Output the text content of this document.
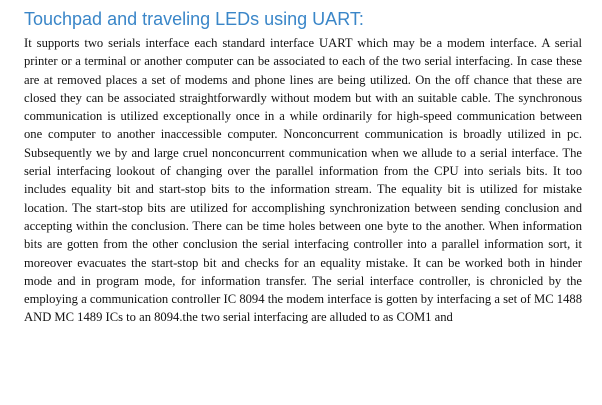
Touchpad and traveling LEDs using UART:

It supports two serials interface each standard interface UART which may be a modem interface. A serial printer or a terminal or another computer can be associated to each of the two serial interfacing. In case these are at removed places a set of modems and phone lines are being utilized. On the off chance that these are closed they can be associated straightforwardly without modem but with an suitable cable. The synchronous communication is utilized exceptionally once in a while ordinarily for high-speed communication between one computer to another inaccessible computer. Nonconcurrent communication is broadly utilized in pc. Subsequently we by and large cruel nonconcurrent communication when we allude to a serial interface. The serial interfacing lookout of changing over the parallel information from the CPU into serials bits. It too includes equality bit and start-stop bits to the information stream. The equality bit is utilized for mistake location. The start-stop bits are utilized for accomplishing synchronization between sending conclusion and accepting within the conclusion. There can be time holes between one byte to the another. When information bits are gotten from the other conclusion the serial interfacing controller into a parallel information sort, it moreover evacuates the start-stop bit and checks for an equality mistake. It can be worked both in hinder mode and in program mode, for information transfer. The serial interface controller, is chronicled by the employing a communication controller IC 8094 the modem interface is gotten by interfacing a set of MC 1488 AND MC 1489 ICs to an 8094.the two serial interfacing are alluded to as COM1 and
